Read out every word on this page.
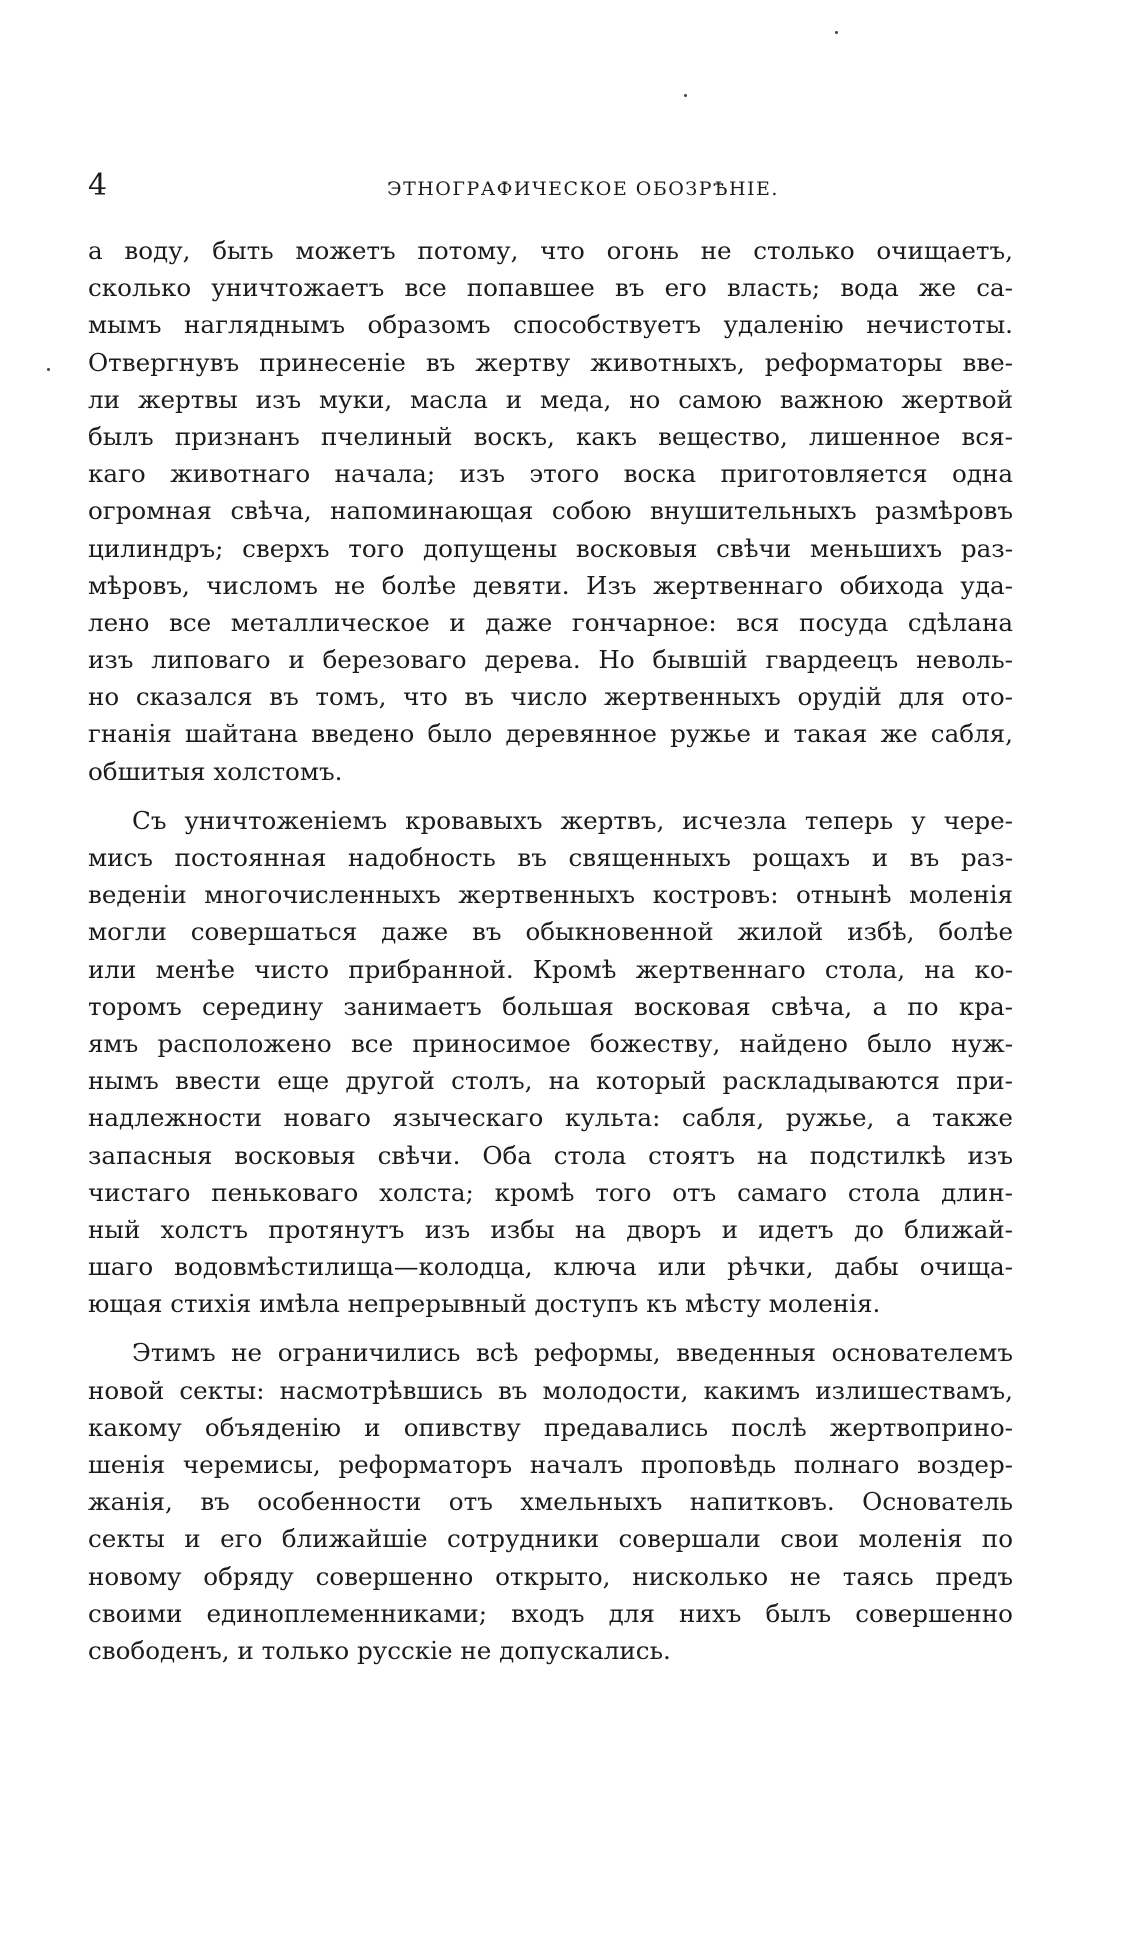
4	ЭТНОГРАФИЧЕСКОЕ ОБОЗРѢНІЕ.
а воду, быть можетъ потому, что огонь не столько очищаетъ,
сколько уничтожаетъ все попавшее въ его власть; вода же са-
мымъ нагляднымъ образомъ способствуетъ удаленію нечистоты.
Отвергнувъ принесеніе въ жертву животныхъ, реформаторы вве-
ли жертвы изъ муки, масла и меда, но самою важною жертвой
былъ признанъ пчелиный воскъ, какъ вещество, лишенное вся-
каго животнаго начала; изъ этого воска приготовляется одна
огромная свѣча, напоминающая собою внушительныхъ размѣровъ
цилиндръ; сверхъ того допущены восковыя свѣчи меньшихъ раз-
мѣровъ, числомъ не болѣе девяти. Изъ жертвеннаго обихода уда-
лено все металлическое и даже гончарное: вся посуда сдѣлана
изъ липоваго и березоваго дерева. Но бывшій гвардеецъ неволь-
но сказался въ томъ, что въ число жертвенныхъ орудій для ото-
гнанія шайтана введено было деревянное ружье и такая же сабля,
обшитыя холстомъ.
Съ уничтоженіемъ кровавыхъ жертвъ, исчезла теперь у чере-
мисъ постоянная надобность въ священныхъ рощахъ и въ раз-
веденіи многочисленныхъ жертвенныхъ костровъ: отнынѣ моленія
могли совершаться даже въ обыкновенной жилой избѣ, болѣе
или менѣе чисто прибранной. Кромѣ жертвеннаго стола, на ко-
торомъ середину занимаетъ большая восковая свѣча, а по кра-
ямъ расположено все приносимое божеству, найдено было нуж-
нымъ ввести еще другой столъ, на который раскладываются при-
надлежности новаго языческаго культа: сабля, ружье, а также
запасныя восковыя свѣчи. Оба стола стоятъ на подстилкѣ изъ
чистаго пеньковаго холста; кромѣ того отъ самаго стола длин-
ный холстъ протянутъ изъ избы на дворъ и идетъ до ближай-
шаго водовмѣстилища—колодца, ключа или рѣчки, дабы очища-
ющая стихія имѣла непрерывный доступъ къ мѣсту моленія.
Этимъ не ограничились всѣ реформы, введенныя основателемъ
новой секты: насмотрѣвшись въ молодости, какимъ излишествамъ,
какому объяденію и опивству предавались послѣ жертвоприно-
шенія черемисы, реформаторъ началъ проповѣдь полнаго воздер-
жанія, въ особенности отъ хмельныхъ напитковъ. Основатель
секты и его ближайшіе сотрудники совершали свои моленія по
новому обряду совершенно открыто, нисколько не таясь предъ
своими единоплеменниками; входъ для нихъ былъ совершенно
свободенъ, и только русскіе не допускались.
